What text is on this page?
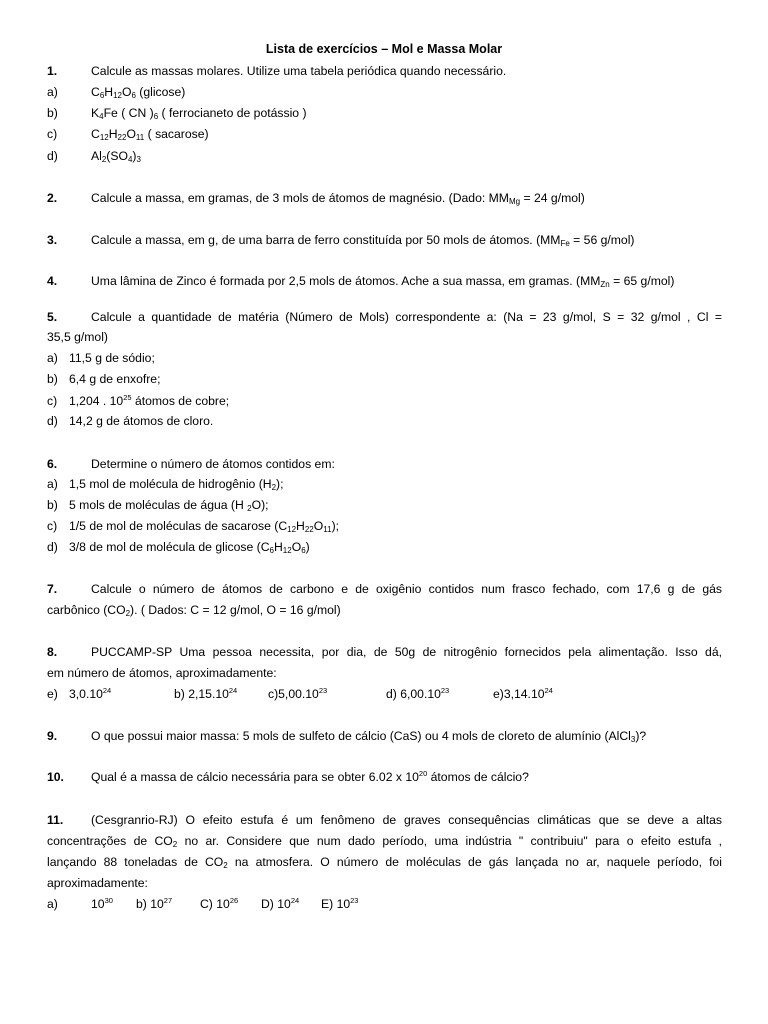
Lista de exercícios – Mol e Massa Molar
1.	Calcule as massas molares. Utilize uma tabela periódica quando necessário.
a)	$C_6H_{12}O_6$ (glicose)
b)	$K_4Fe$ ( CN )$_6$ ( ferrocianeto de potássio )
c)	$C_{12}H_{22}O_{11}$ ( sacarose)
d)	$Al_2(SO_4)_3$
2.	Calcule a massa, em gramas, de 3 mols de átomos de magnésio. (Dado: $MM_{Mg} = 24$ g/mol)
3.	Calcule a massa, em g, de uma barra de ferro constituída por 50 mols de átomos. ($MM_{Fe} = 56$ g/mol)
4.	Uma lâmina de Zinco é formada por 2,5 mols de átomos. Ache a sua massa, em gramas. ($MM_{Zn} = 65$ g/mol)
5.	Calcule a quantidade de matéria (Número de Mols) correspondente a: (Na = 23 g/mol, S = 32 g/mol , Cl =
35,5 g/mol)
a) 11,5 g de sódio;
b) 6,4 g de enxofre;
c) 1,204 . $10^{25}$ átomos de cobre;
d) 14,2 g de átomos de cloro.
6.	Determine o número de átomos contidos em:
a) 1,5 mol de molécula de hidrogênio $(H_2)$;
b) 5 mols de moléculas de água (H $_2$O);
c) 1/5 de mol de moléculas de sacarose $(C_{12}H_{22}O_{11})$;
d) 3/8 de mol de molécula de glicose $(C_6H_{12}O_6)$
7.	Calcule o número de átomos de carbono e de oxigênio contidos num frasco fechado, com 17,6 g de gás
carbônico $(CO_2)$. ( Dados: C = 12 g/mol, O = 16 g/mol)
8.	PUCCAMP-SP Uma pessoa necessita, por dia, de 50g de nitrogênio fornecidos pela alimentação. Isso dá,
em número de átomos, aproximadamente:
e) 3,0.10$^{24}$	b) 2,15.10$^{24}$	c)5,00.10$^{23}$	d) 6,00.10$^{23}$	e)3,14.10$^{24}$
9.	O que possui maior massa: 5 mols de sulfeto de cálcio (CaS) ou 4 mols de cloreto de alumínio (AlCl$_3$)?
10. Qual é a massa de cálcio necessária para se obter 6.02 x $10^{20}$ átomos de cálcio?
11. (Cesgranrio-RJ) O efeito estufa é um fenômeno de graves consequências climáticas que se deve a altas
concentrações de $CO_2$ no ar. Considere que num dado período, uma indústria " contribuiu" para o efeito estufa ,
lançando 88 toneladas de $CO_2$ na atmosfera. O número de moléculas de gás lançada no ar, naquele período, foi
aproximadamente:
a)	$10^{30}$ b) $10^{27}$ C) $10^{26}$ D) $10^{24}$ E) $10^{23}$
